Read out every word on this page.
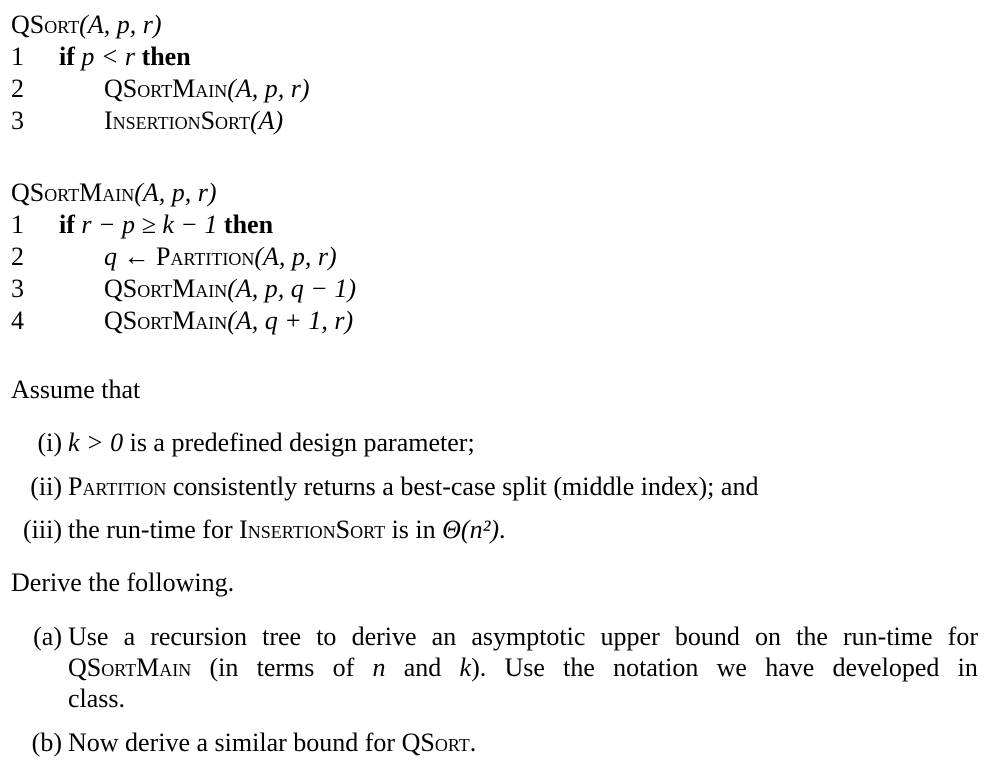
QSort(A, p, r)
1 if p < r then
2	QSortMain(A, p, r)
3	InsertionSort(A)
QSortMain(A, p, r)
1 if r − p ≥ k − 1 then
2	q ← Partition(A, p, r)
3	QSortMain(A, p, q − 1)
4	QSortMain(A, q + 1, r)
Assume that
(i) k > 0 is a predefined design parameter;
(ii) Partition consistently returns a best-case split (middle index); and
(iii) the run-time for InsertionSort is in Θ(n²).
Derive the following.
(a) Use a recursion tree to derive an asymptotic upper bound on the run-time for
QSortMain (in terms of n and k). Use the notation we have developed in
class.
(b) Now derive a similar bound for QSort.
